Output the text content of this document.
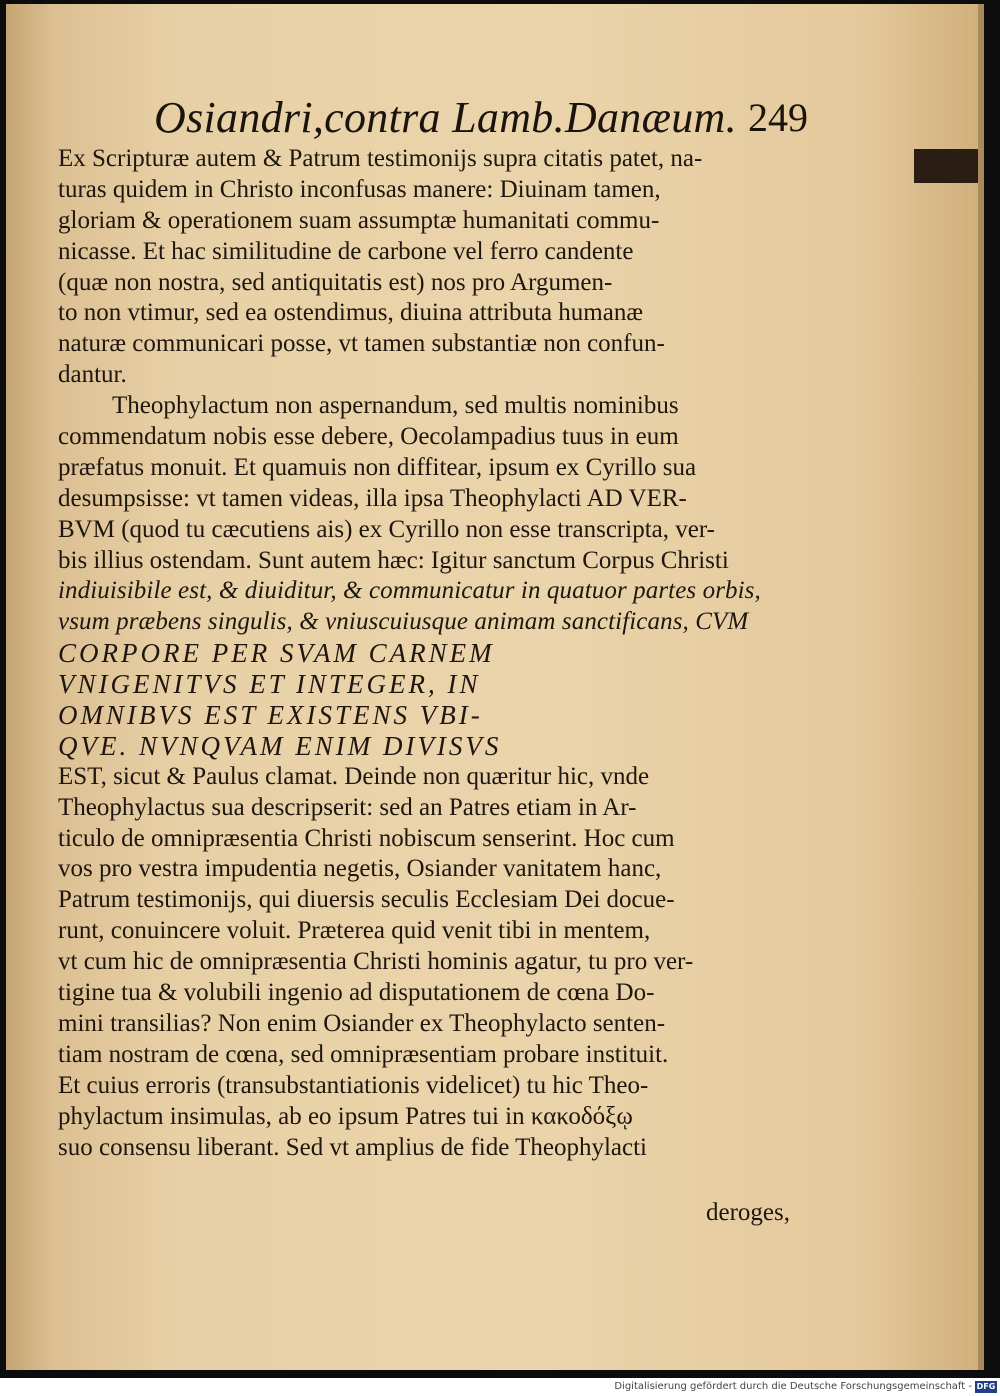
Osiandri,contra Lamb.Danæum. 249
Ex Scripturæ autem & Patrum testimonijs supra citatis patet, na-
turas quidem in Christo inconfusas manere: Diuinam tamen,
gloriam & operationem suam assumptæ humanitati commu-
nicasse. Et hac similitudine de carbone vel ferro candente
(quæ non nostra, sed antiquitatis est) nos pro Argumen-
to non vtimur, sed ea ostendimus, diuina attributa humanæ
naturæ communicari posse, vt tamen substantiæ non confun-
dantur.
Theophylactum non aspernandum, sed multis nominibus
commendatum nobis esse debere, Oecolampadius tuus in eum
præfatus monuit. Et quamuis non diffitear, ipsum ex Cyrillo sua
desumpsisse: vt tamen videas, illa ipsa Theophylacti AD VER-
BVM (quod tu cæcutiens ais) ex Cyrillo non esse transcripta, ver-
bis illius ostendam. Sunt autem hæc: Igitur sanctum Corpus Christi
indiuisibile est, & diuiditur, & communicatur in quatuor partes orbis,
vsum præbens singulis, & vniuscuiusque animam sanctificans, CVM
CORPORE PER SVAM CARNEM
VNIGENITVS ET INTEGER, IN
OMNIBVS EST EXISTENS VBI-
QVE. NVNQVAM ENIM DIVISVS
EST, sicut & Paulus clamat. Deinde non quæritur hic, vnde
Theophylactus sua descripserit: sed an Patres etiam in Ar-
ticulo de omnipræsentia Christi nobiscum senserint. Hoc cum
vos pro vestra impudentia negetis, Osiander vanitatem hanc,
Patrum testimonijs, qui diuersis seculis Ecclesiam Dei docue-
runt, conuincere voluit. Præterea quid venit tibi in mentem,
vt cum hic de omnipræsentia Christi hominis agatur, tu pro ver-
tigine tua & volubili ingenio ad disputationem de cœna Do-
mini transilias? Non enim Osiander ex Theophylacto senten-
tiam nostram de cœna, sed omnipræsentiam probare instituit.
Et cuius erroris (transubstantiationis videlicet) tu hic Theo-
phylactum insimulas, ab eo ipsum Patres tui in κακοδόξῳ
suo consensu liberant. Sed vt amplius de fide Theophylacti
deroges,
Digitalisierung gefördert durch die Deutsche Forschungsgemeinschaft - DFG
